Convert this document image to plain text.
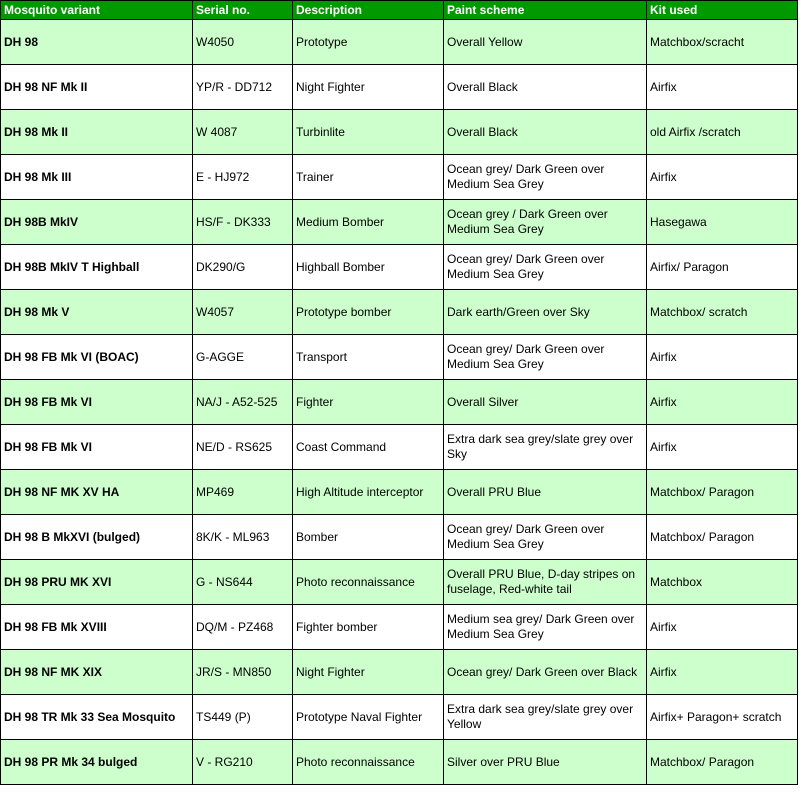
Mosquito variant	Serial no.	Description	Paint scheme	Kit used
DH 98	W4050	Prototype	Overall Yellow	Matchbox/scracht
DH 98 NF Mk II	YP/R - DD712	Night Fighter	Overall Black	Airfix
DH 98 Mk II	W 4087	Turbinlite	Overall Black	old Airfix /scratch
DH 98 Mk III	E - HJ972	Trainer	Ocean grey/ Dark Green over Medium Sea Grey	Airfix
DH 98B MkIV	HS/F - DK333	Medium Bomber	Ocean grey / Dark Green over Medium Sea Grey	Hasegawa
DH 98B MkIV T Highball	DK290/G	Highball Bomber	Ocean grey/ Dark Green over Medium Sea Grey	Airfix/ Paragon
DH 98 Mk V	W4057	Prototype bomber	Dark earth/Green over Sky	Matchbox/ scratch
DH 98 FB Mk VI (BOAC)	G-AGGE	Transport	Ocean grey/ Dark Green over Medium Sea Grey	Airfix
DH 98 FB Mk VI	NA/J - A52-525	Fighter	Overall Silver	Airfix
DH 98 FB Mk VI	NE/D - RS625	Coast Command	Extra dark sea grey/slate grey over Sky	Airfix
DH 98 NF MK XV HA	MP469	High Altitude interceptor	Overall PRU Blue	Matchbox/ Paragon
DH 98 B MkXVI (bulged)	8K/K - ML963	Bomber	Ocean grey/ Dark Green over Medium Sea Grey	Matchbox/ Paragon
DH 98 PRU MK XVI	G - NS644	Photo reconnaissance	Overall PRU Blue, D-day stripes on fuselage, Red-white tail	Matchbox
DH 98 FB Mk XVIII	DQ/M - PZ468	Fighter bomber	Medium sea grey/ Dark Green over Medium Sea Grey	Airfix
DH 98 NF MK XIX	JR/S - MN850	Night Fighter	Ocean grey/ Dark Green over Black	Airfix
DH 98 TR Mk 33 Sea Mosquito	TS449 (P)	Prototype Naval Fighter	Extra dark sea grey/slate grey over Yellow	Airfix+ Paragon+ scratch
DH 98 PR Mk 34 bulged	V - RG210	Photo reconnaissance	Silver over PRU Blue	Matchbox/ Paragon
